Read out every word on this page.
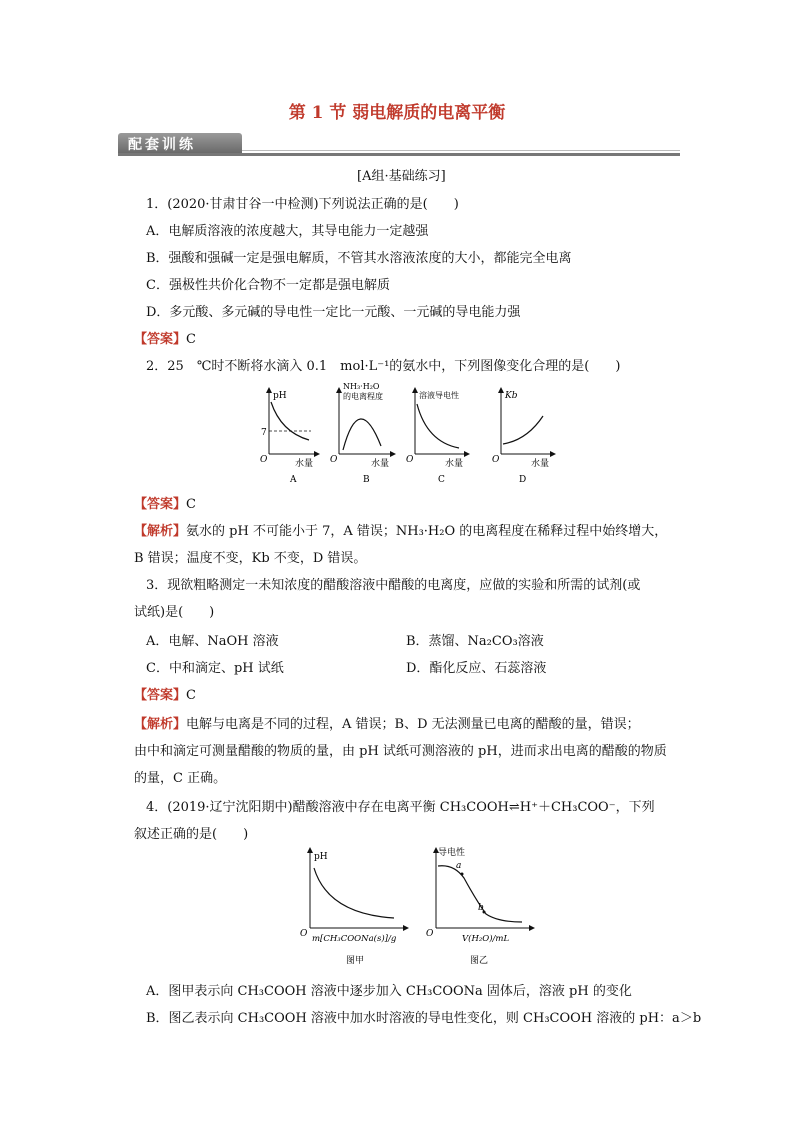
第 1 节 弱电解质的电离平衡
配套训练
[A组·基础练习]
1．(2020·甘肃甘谷一中检测)下列说法正确的是(　　)
A．电解质溶液的浓度越大，其导电能力一定越强
B．强酸和强碱一定是强电解质，不管其水溶液浓度的大小，都能完全电离
C．强极性共价化合物不一定都是强电解质
D．多元酸、多元碱的导电性一定比一元酸、一元碱的导电能力强
【答案】C
2．25　℃时不断将水滴入 0.1　mol·L⁻¹的氨水中，下列图像变化合理的是(　　)
pH
7
O	水量
A
NH₃·H₂O
的电离程度
O	水量
B
溶液导电性
O	水量
C
Kb
O	水量
D
【答案】C
【解析】氨水的 pH 不可能小于 7，A 错误；NH₃·H₂O 的电离程度在稀释过程中始终增大，
B 错误；温度不变，Kb 不变，D 错误。
3．现欲粗略测定一未知浓度的醋酸溶液中醋酸的电离度，应做的实验和所需的试剂(或
试纸)是(　　)
A．电解、NaOH 溶液	B．蒸馏、Na₂CO₃溶液
C．中和滴定、pH 试纸	D．酯化反应、石蕊溶液
【答案】C
【解析】电解与电离是不同的过程，A 错误；B、D 无法测量已电离的醋酸的量，错误；
由中和滴定可测量醋酸的物质的量，由 pH 试纸可测溶液的 pH，进而求出电离的醋酸的物质
的量，C 正确。
4．(2019·辽宁沈阳期中)醋酸溶液中存在电离平衡 CH₃COOH⇌H⁺＋CH₃COO⁻，下列
叙述正确的是(　　)
pH
O m[CH₃COONa(s)]/g
图甲
导电性
a
b
O	V(H₂O)/mL
图乙
A．图甲表示向 CH₃COOH 溶液中逐步加入 CH₃COONa 固体后，溶液 pH 的变化
B．图乙表示向 CH₃COOH 溶液中加水时溶液的导电性变化，则 CH₃COOH 溶液的 pH：a＞b
